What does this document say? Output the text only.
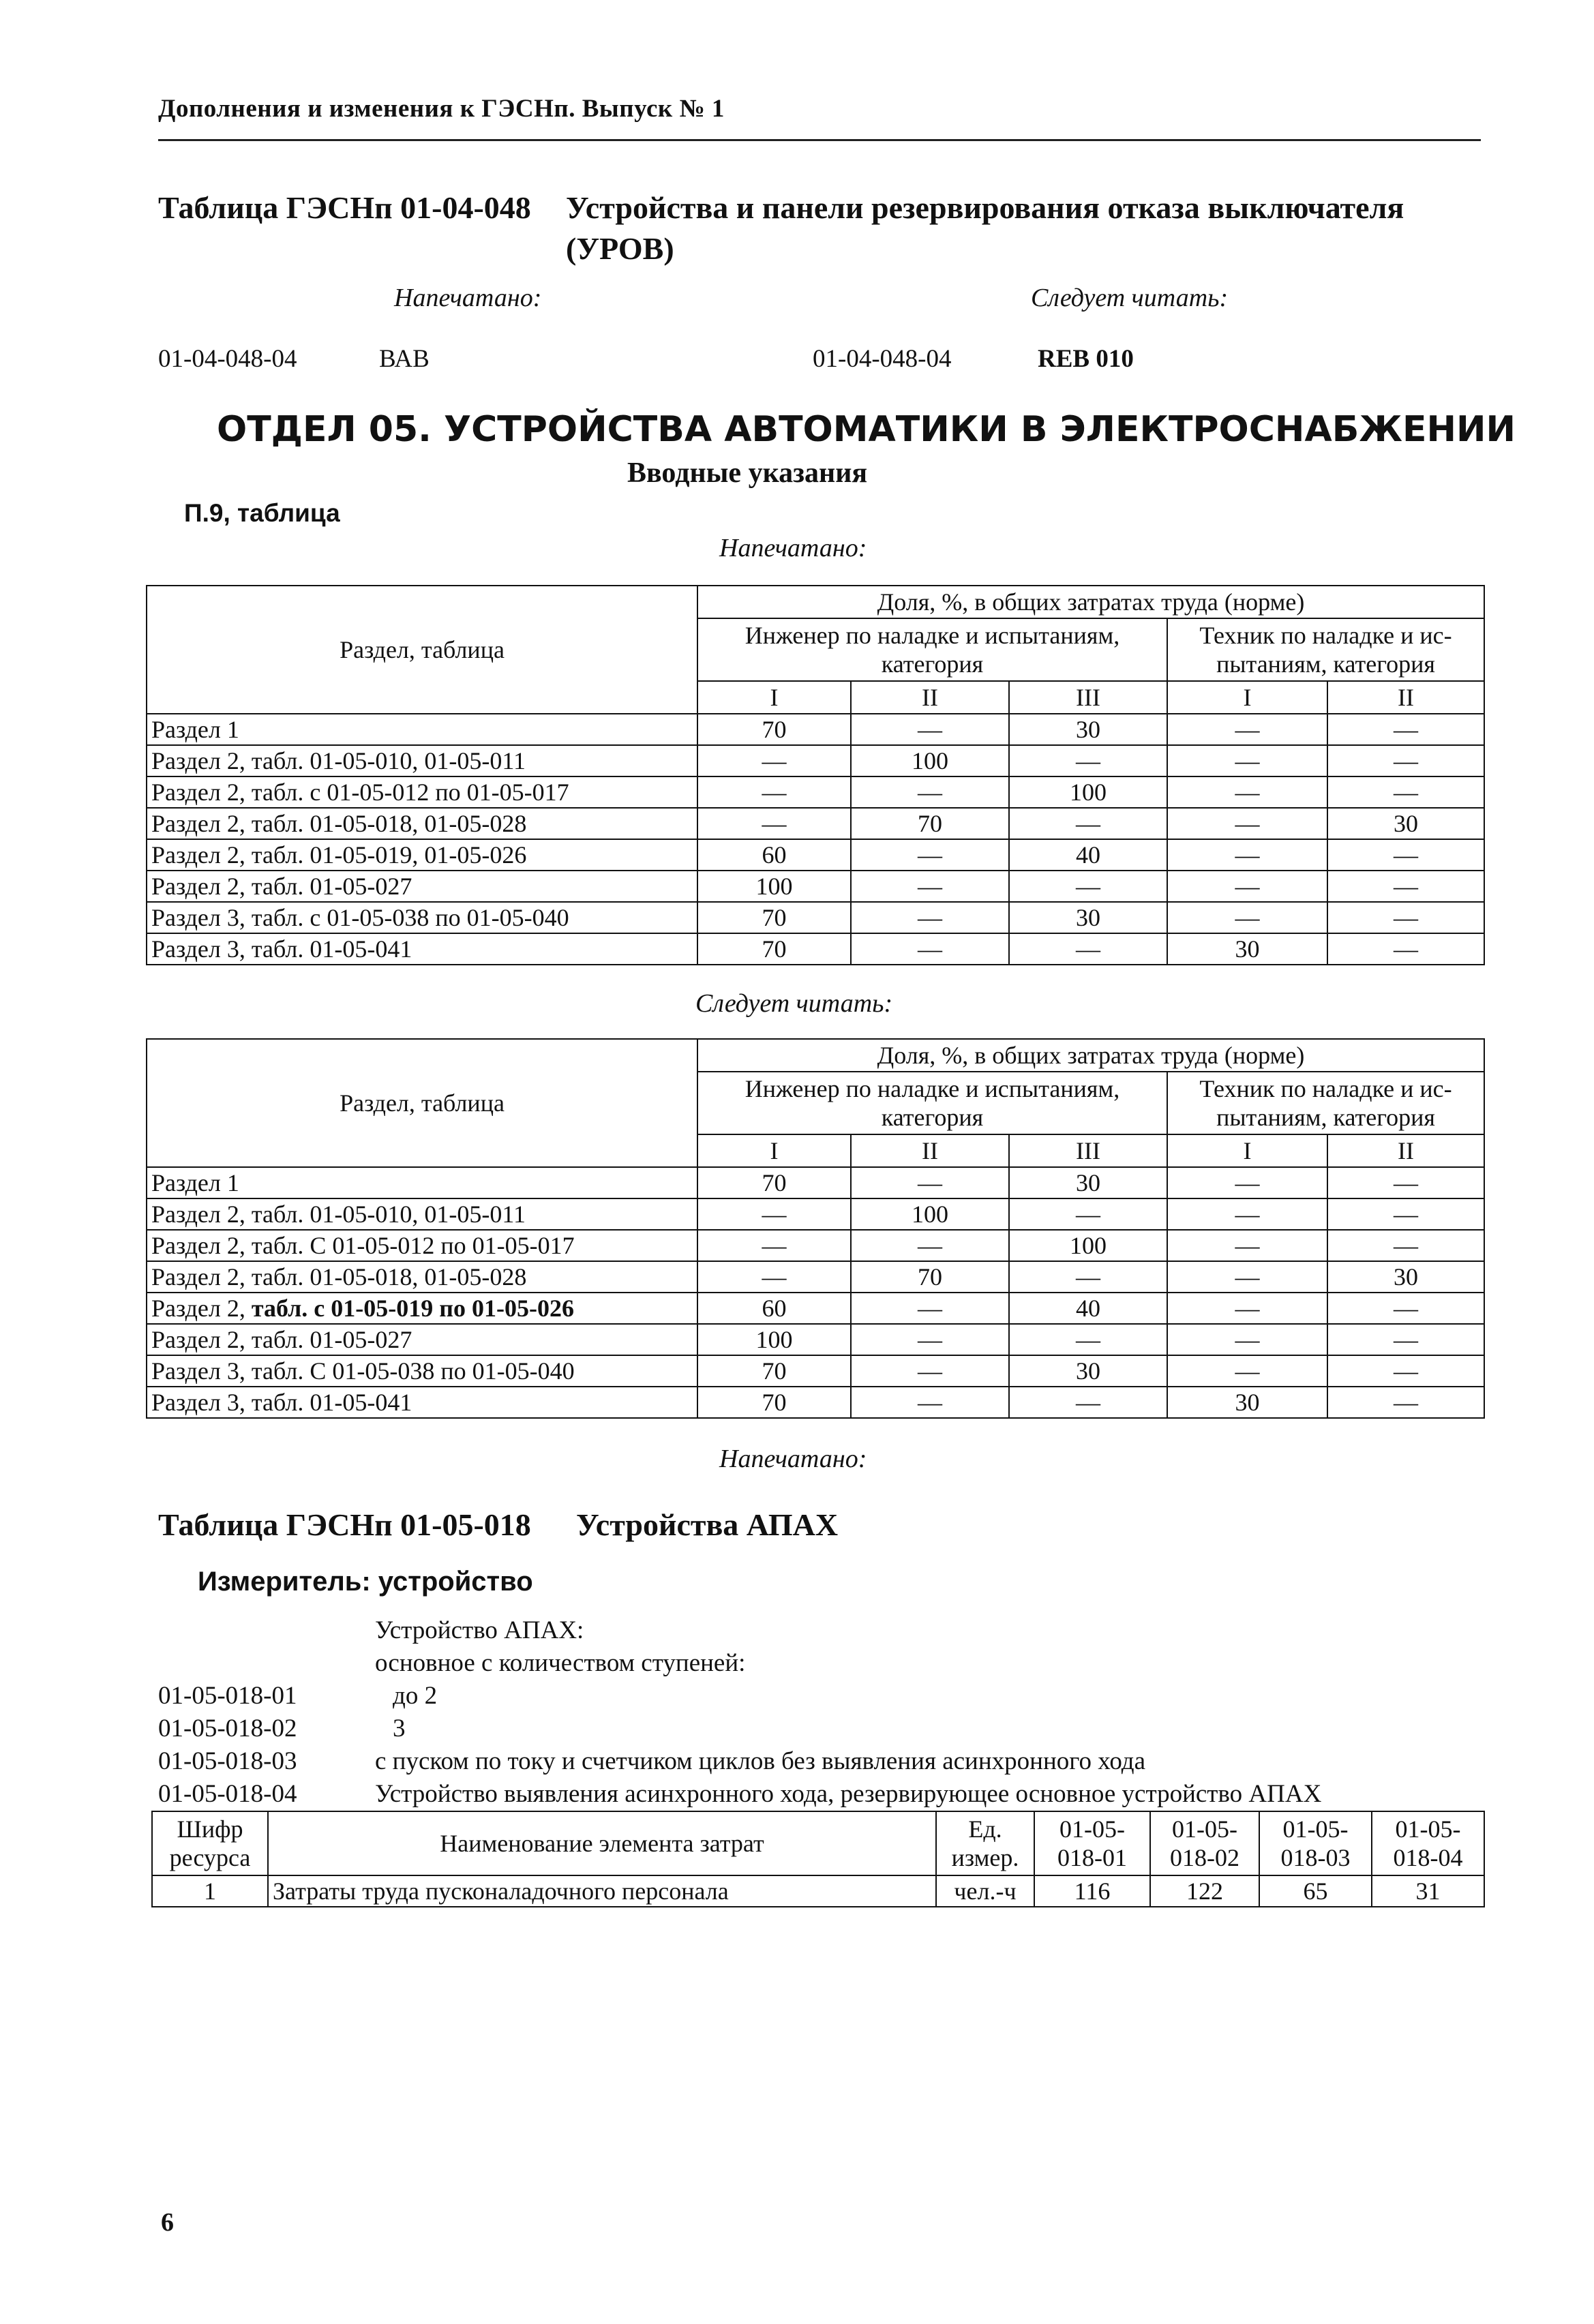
Дополнения и изменения к ГЭСНп. Выпуск № 1
Таблица ГЭСНп 01-04-048 Устройства и панели резервирования отказа выключателя
(УРОВ)
Напечатано:	Следует читать:
01-04-048-04	ВАВ	01-04-048-04	REB 010
ОТДЕЛ 05. УСТРОЙСТВА АВТОМАТИКИ В ЭЛЕКТРОСНАБЖЕНИИ
Вводные указания
П.9, таблица
Напечатано:
Раздел, таблица	Доля, %, в общих затратах труда (норме)				
	Инженер по наладке и испытаниям, категория			Техник по наладке и ис-пытаниям, категория	
	I	II	III	I	II
Раздел 1	70	—	30	—	—
Раздел 2, табл. 01-05-010, 01-05-011	—	100	—	—	—
Раздел 2, табл. с 01-05-012 по 01-05-017	—	—	100	—	—
Раздел 2, табл. 01-05-018, 01-05-028	—	70	—	—	30
Раздел 2, табл. 01-05-019, 01-05-026	60	—	40	—	—
Раздел 2, табл. 01-05-027	100	—	—	—	—
Раздел 3, табл. с 01-05-038 по 01-05-040	70	—	30	—	—
Раздел 3, табл. 01-05-041	70	—	—	30	—
Следует читать:
Раздел, таблица	Доля, %, в общих затратах труда (норме)				
	Инженер по наладке и испытаниям, категория			Техник по наладке и ис-пытаниям, категория	
	I	II	III	I	II
Раздел 1	70	—	30	—	—
Раздел 2, табл. 01-05-010, 01-05-011	—	100	—	—	—
Раздел 2, табл. С 01-05-012 по 01-05-017	—	—	100	—	—
Раздел 2, табл. 01-05-018, 01-05-028	—	70	—	—	30
Раздел 2, табл. с 01-05-019 по 01-05-026	60	—	40	—	—
Раздел 2, табл. 01-05-027	100	—	—	—	—
Раздел 3, табл. С 01-05-038 по 01-05-040	70	—	30	—	—
Раздел 3, табл. 01-05-041	70	—	—	30	—
Напечатано:
Таблица ГЭСНп 01-05-018 Устройства АПАХ
Измеритель: устройство
Устройство АПАХ:
основное с количеством ступеней:
01-05-018-01	до 2
01-05-018-02	3
01-05-018-03	с пуском по току и счетчиком циклов без выявления асинхронного хода
01-05-018-04	Устройство выявления асинхронного хода, резервирующее основное устройство АПАХ
Шифр ресурса	Наименование элемента затрат	Ед. измер.	01-05-018-01	01-05-018-02	01-05-018-03	01-05-018-04
1	Затраты труда пусконаладочного персонала	чел.-ч	116	122	65	31
6
